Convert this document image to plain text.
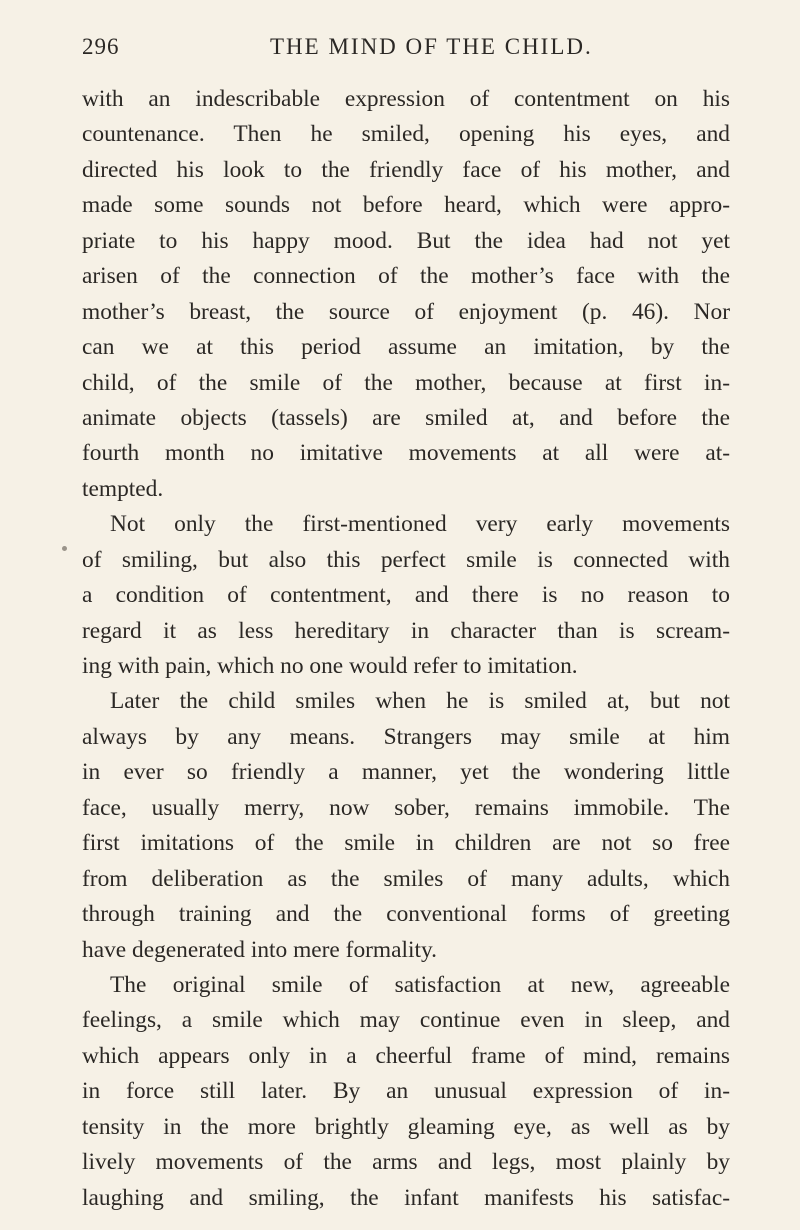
296	THE MIND OF THE CHILD.
with an indescribable expression of contentment on his
countenance. Then he smiled, opening his eyes, and
directed his look to the friendly face of his mother, and
made some sounds not before heard, which were appro-
priate to his happy mood. But the idea had not yet
arisen of the connection of the mother’s face with the
mother’s breast, the source of enjoyment (p. 46). Nor
can we at this period assume an imitation, by the
child, of the smile of the mother, because at first in-
animate objects (tassels) are smiled at, and before the
fourth month no imitative movements at all were at-
tempted.
Not only the first-mentioned very early movements
of smiling, but also this perfect smile is connected with
a condition of contentment, and there is no reason to
regard it as less hereditary in character than is scream-
ing with pain, which no one would refer to imitation.
Later the child smiles when he is smiled at, but not
always by any means. Strangers may smile at him
in ever so friendly a manner, yet the wondering little
face, usually merry, now sober, remains immobile. The
first imitations of the smile in children are not so free
from deliberation as the smiles of many adults, which
through training and the conventional forms of greeting
have degenerated into mere formality.
The original smile of satisfaction at new, agreeable
feelings, a smile which may continue even in sleep, and
which appears only in a cheerful frame of mind, remains
in force still later. By an unusual expression of in-
tensity in the more brightly gleaming eye, as well as by
lively movements of the arms and legs, most plainly by
laughing and smiling, the infant manifests his satisfac-
